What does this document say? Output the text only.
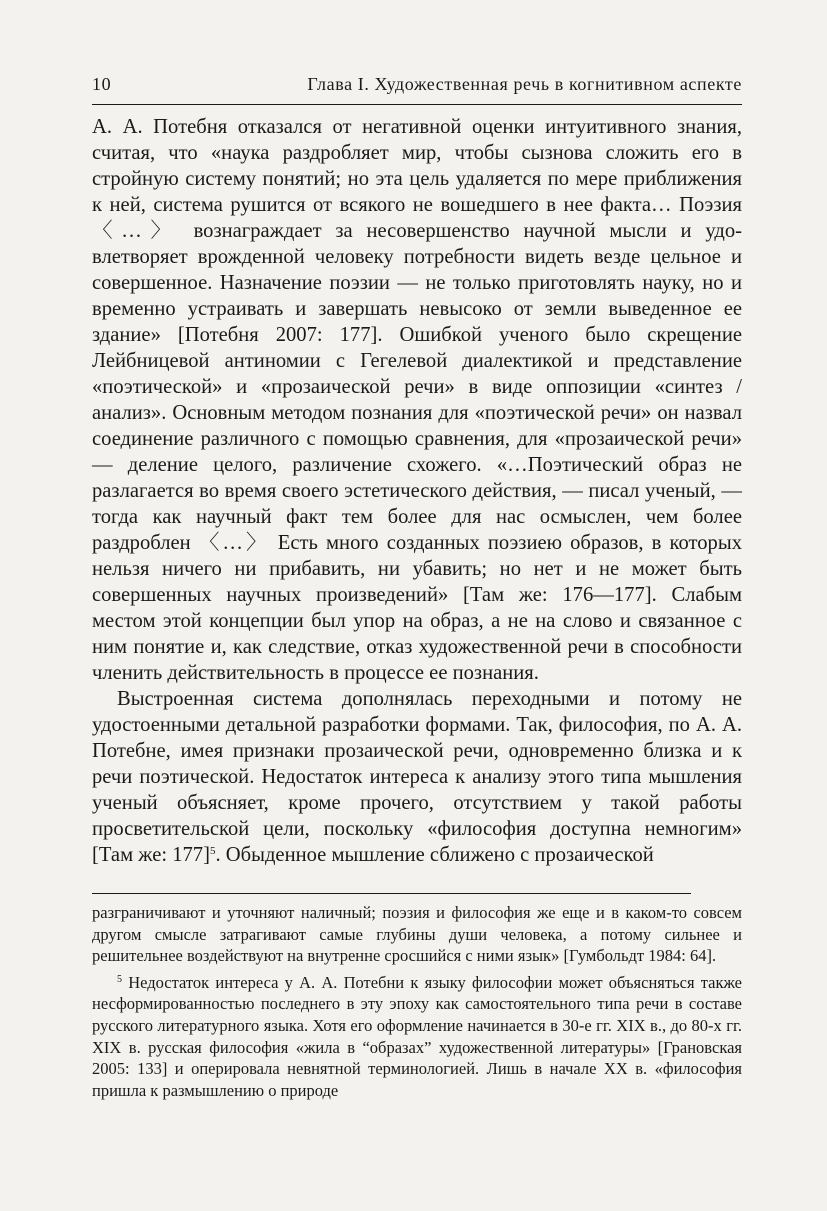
10	Глава I. Художественная речь в когнитивном аспекте

А. А. Потебня отказался от негативной оценки интуитивного знания, считая, что «наука раздробляет мир, чтобы сызнова сложить его в стройную систему понятий; но эта цель удаляется по мере приближения к ней, система рушится от всякого не вошедшего в нее факта… Поэзия 〈…〉 вознаграждает за несовершенство научной мысли и удовлетворяет врожденной человеку потребности видеть везде цельное и совершенное. Назначение поэзии — не только приготовлять науку, но и временно устраивать и завершать невысоко от земли выведенное ее здание» [Потебня 2007: 177]. Ошибкой ученого было скрещение Лейбницевой антиномии с Гегелевой диалектикой и представление «поэтической» и «прозаической речи» в виде оппозиции «синтез / анализ». Основным методом познания для «поэтической речи» он назвал соединение различного с помощью сравнения, для «прозаической речи» — деление целого, различение схожего. «…Поэтический образ не разлагается во время своего эстетического действия, — писал ученый, — тогда как научный факт тем более для нас осмыслен, чем более раздроблен 〈…〉 Есть много созданных поэзиею образов, в которых нельзя ничего ни прибавить, ни убавить; но нет и не может быть совершенных научных произведений» [Там же: 176—177]. Слабым местом этой концепции был упор на образ, а не на слово и связанное с ним понятие и, как следствие, отказ художественной речи в способности членить действительность в процессе ее познания.

Выстроенная система дополнялась переходными и потому не удостоенными детальной разработки формами. Так, философия, по А. А. Потебне, имея признаки прозаической речи, одновременно близка и к речи поэтической. Недостаток интереса к анализу этого типа мышления ученый объясняет, кроме прочего, отсутствием у такой работы просветительской цели, поскольку «философия доступна немногим» [Там же: 177]$^5$. Обыденное мышление сближено с прозаической

разграничивают и уточняют наличный; поэзия и философия же еще и в каком-то совсем другом смысле затрагивают самые глубины души человека, а потому сильнее и решительнее воздействуют на внутренне сросшийся с ними язык» [Гумбольдт 1984: 64].

$^5$ Недостаток интереса у А. А. Потебни к языку философии может объясняться также несформированностью последнего в эту эпоху как самостоятельного типа речи в составе русского литературного языка. Хотя его оформление начинается в 30-е гг. XIX в., до 80-х гг. XIX в. русская философия «жила в “образах” художественной литературы» [Грановская 2005: 133] и оперировала невнятной терминологией. Лишь в начале XX в. «философия пришла к размышлению о природе
